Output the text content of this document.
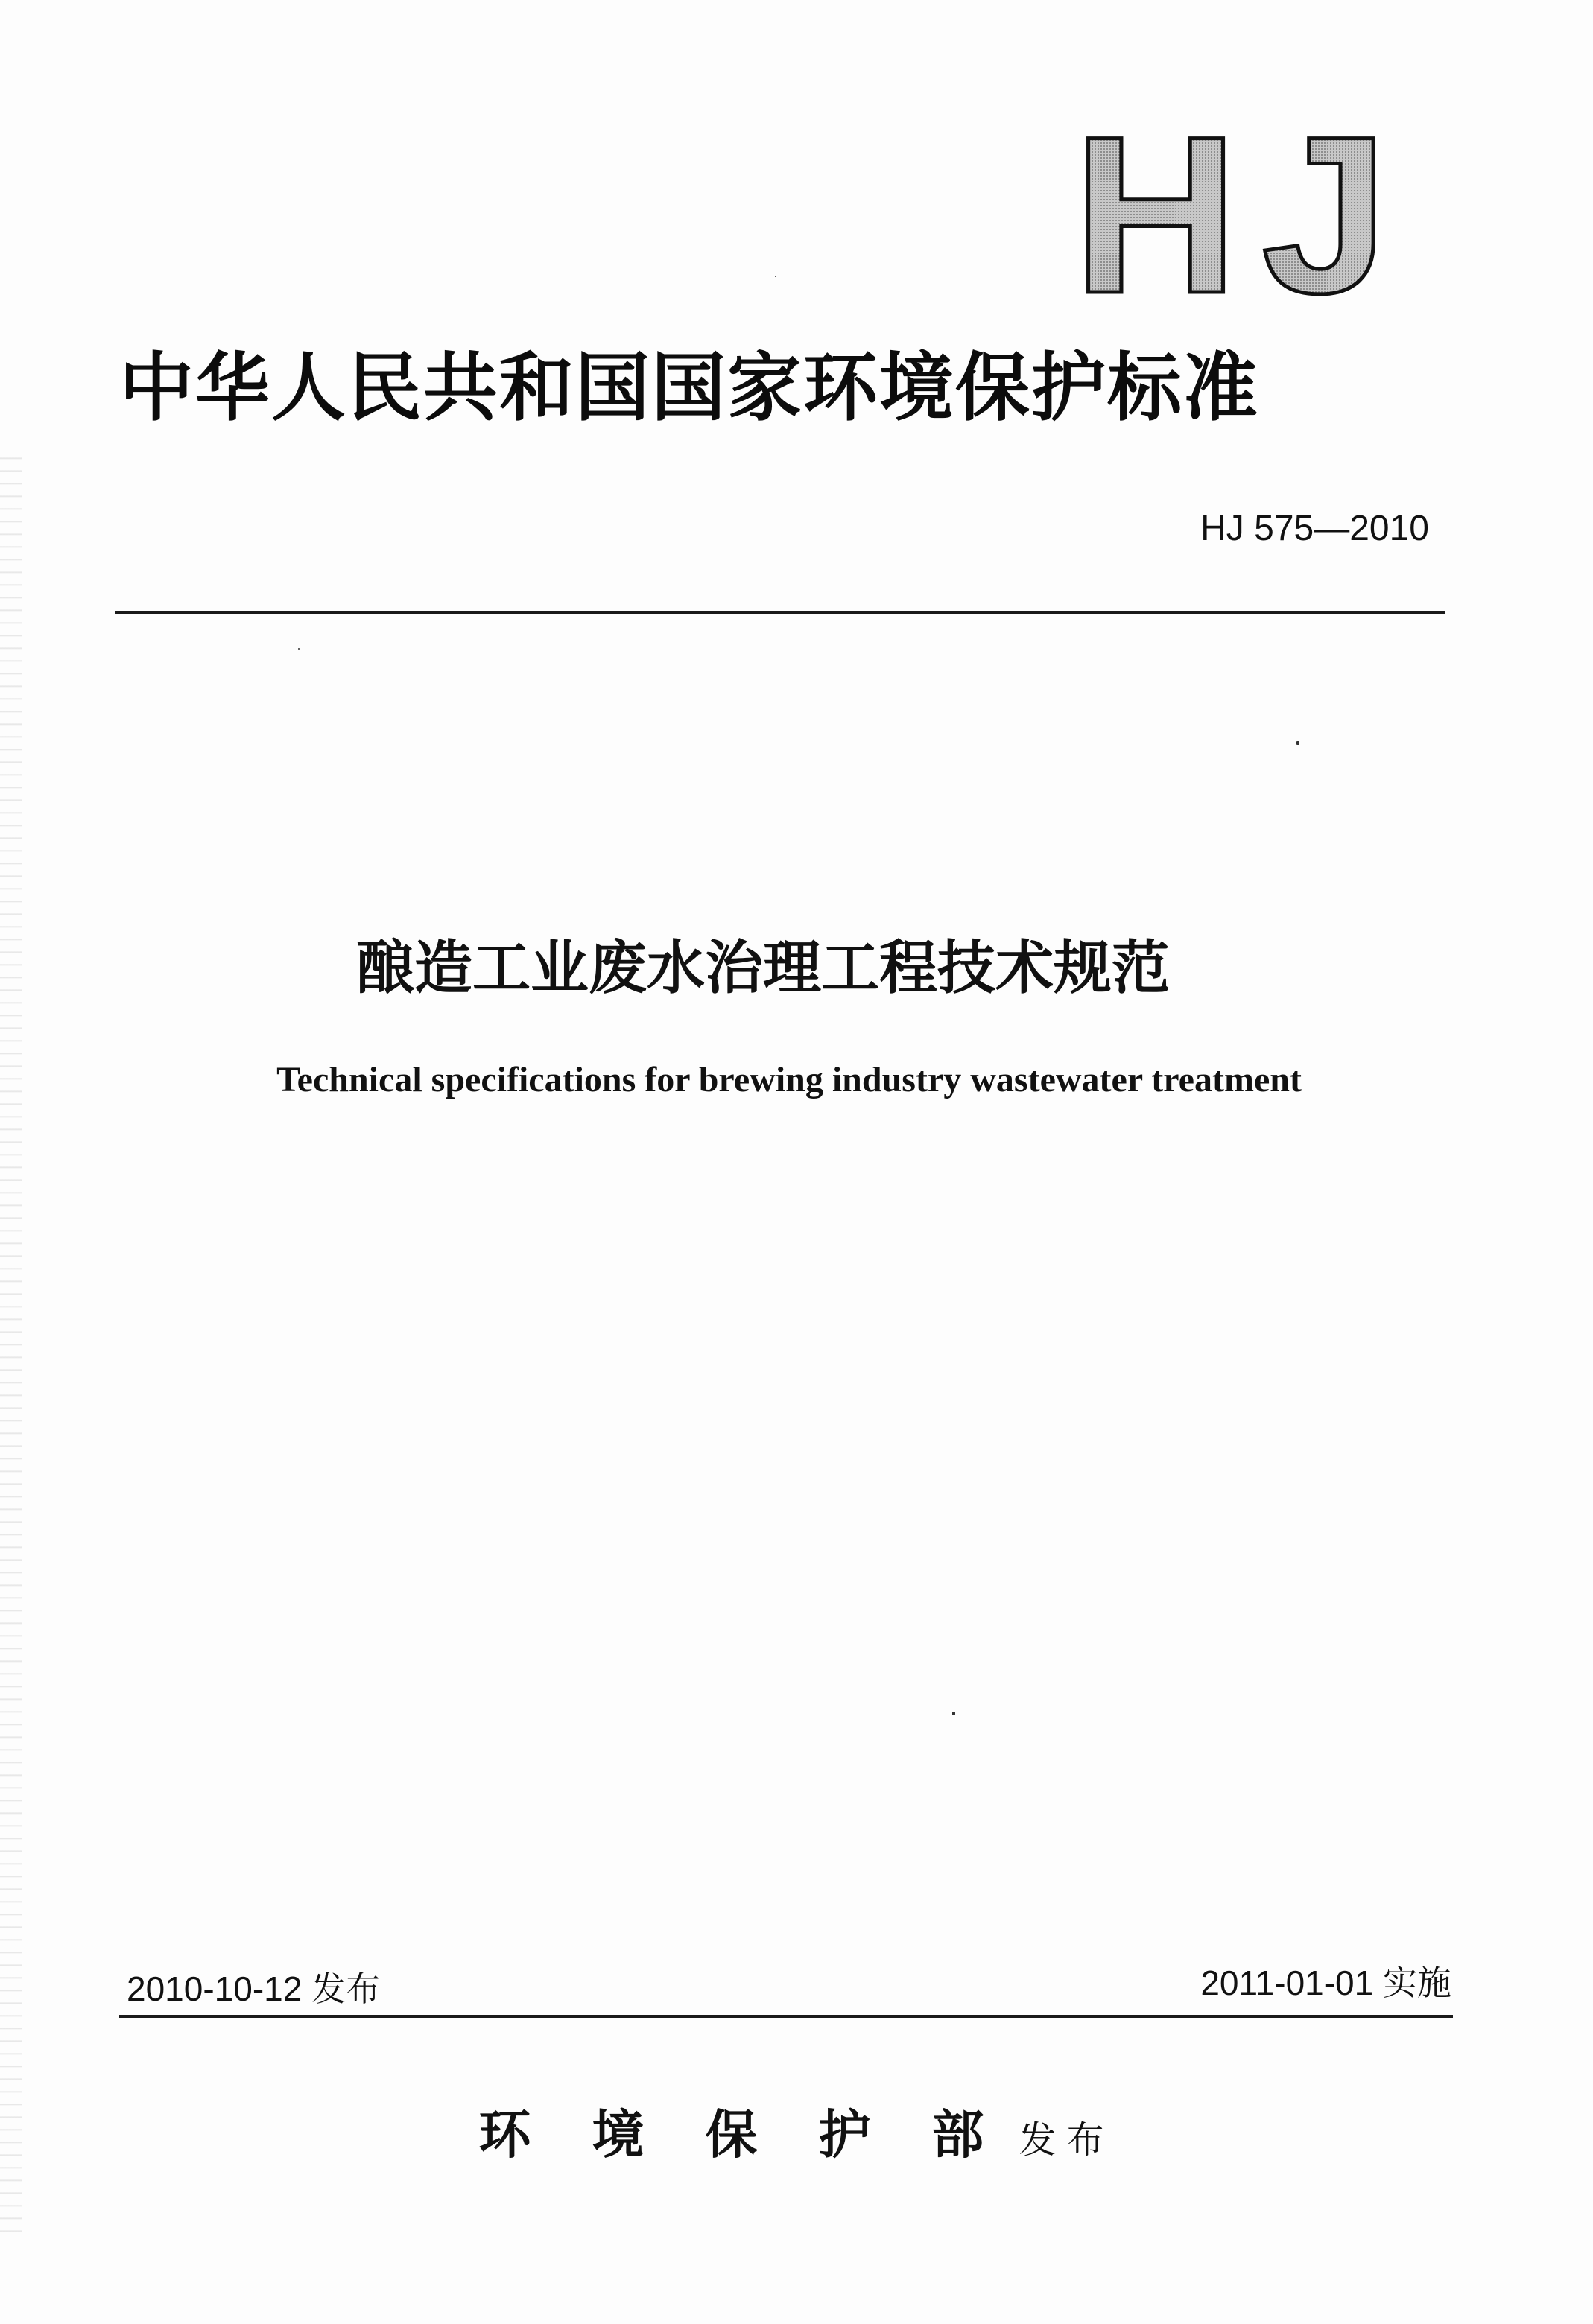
HJ
中华人民共和国国家环境保护标准
HJ 575—2010
酿造工业废水治理工程技术规范
Technical specifications for brewing industry wastewater treatment
2010-10-12 发布	2011-01-01 实施
环境保护部 发布
